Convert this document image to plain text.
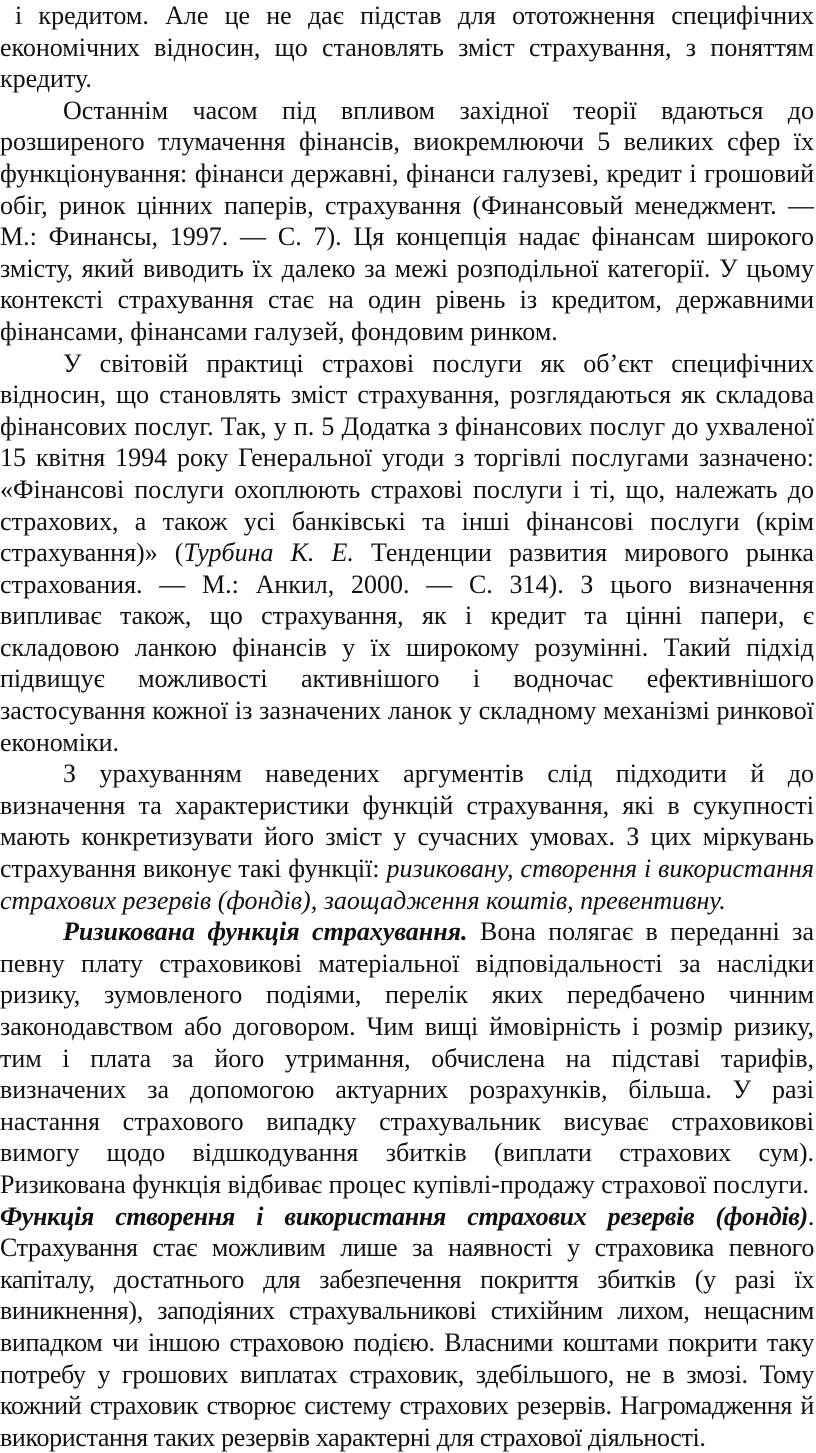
і кредитом. Але це не дає підстав для ототожнення специфічних економічних відносин, що становлять зміст страхування, з поняттям кредиту.

Останнім часом під впливом західної теорії вдаються до розширеного тлумачення фінансів, виокремлюючи 5 великих сфер їх функціонування: фінанси державні, фінанси галузеві, кредит і грошовий обіг, ринок цінних паперів, страхування (Финансовый менеджмент. — М.: Финансы, 1997. — С. 7). Ця концепція надає фінансам широкого змісту, який виводить їх далеко за межі розподільної категорії. У цьому контексті страхування стає на один рівень із кредитом, державними фінансами, фінансами галузей, фондовим ринком.

У світовій практиці страхові послуги як об’єкт специфічних відносин, що становлять зміст страхування, розглядаються як складова фінансових послуг. Так, у п. 5 Додатка з фінансових послуг до ухваленої 15 квітня 1994 року Генеральної угоди з торгівлі послугами зазначено: «Фінансові послуги охоплюють страхові послуги і ті, що, належать до страхових, а також усі банківські та інші фінансові послуги (крім страхування)» (Турбина К. Е. Тенденции развития мирового рынка страхования. — М.: Анкил, 2000. — С. 314). З цього визначення випливає також, що страхування, як і кредит та цінні папери, є складовою ланкою фінансів у їх широкому розумінні. Такий підхід підвищує можливості активнішого і водночас ефективнішого застосування кожної із зазначених ланок у складному механізмі ринкової економіки.

З урахуванням наведених аргументів слід підходити й до визначення та характеристики функцій страхування, які в сукупності мають конкретизувати його зміст у сучасних умовах. З цих міркувань страхування виконує такі функції: ризиковану, створення і використання страхових резервів (фондів), заощадження коштів, превентивну.

Ризикована функція страхування. Вона полягає в переданні за певну плату страховикові матеріальної відповідальності за наслідки ризику, зумовленого подіями, перелік яких передбачено чинним законодавством або договором. Чим вищі ймовірність і розмір ризику, тим і плата за його утримання, обчислена на підставі тарифів, визначених за допомогою актуарних розрахунків, більша. У разі настання страхового випадку страхувальник висуває страховикові вимогу щодо відшкодування збитків (виплати страхових сум). Ризикована функція відбиває процес купівлі-продажу страхової послуги.

Функція створення і використання страхових резервів (фондів). Страхування стає можливим лише за наявності у страховика певного капіталу, достатнього для забезпечення покриття збитків (у разі їх виникнення), заподіяних страхувальникові стихійним лихом, нещасним випадком чи іншою страховою подією. Власними коштами покрити таку потребу у грошових виплатах страховик, здебільшого, не в змозі. Тому кожний страховик створює систему страхових резервів. Нагромадження й використання таких резервів характерні для страхової діяльності.
